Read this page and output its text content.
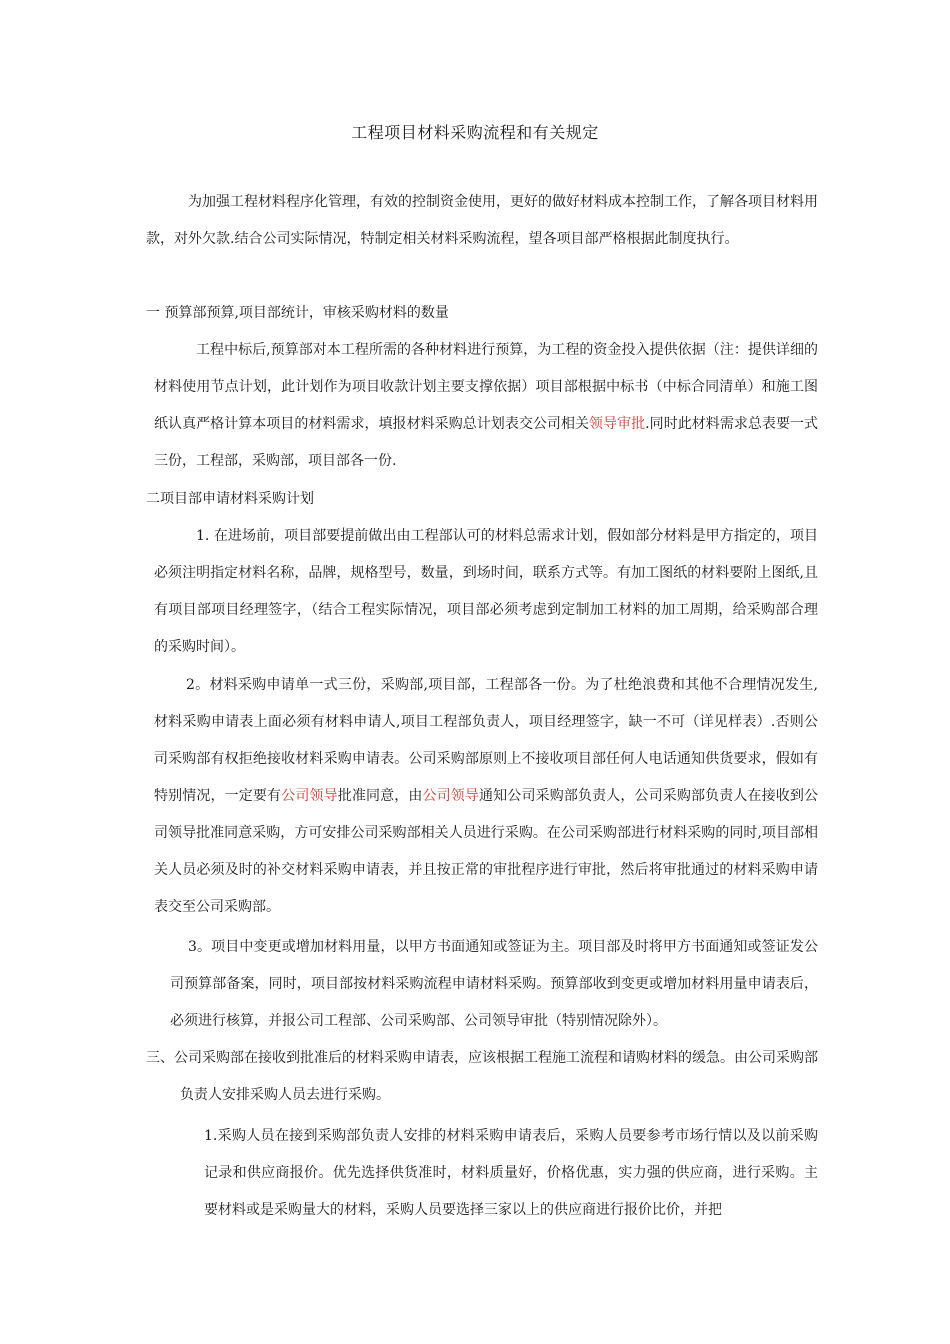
工程项目材料采购流程和有关规定

为加强工程材料程序化管理，有效的控制资金使用，更好的做好材料成本控制工作，了解各项目材料用款，对外欠款.结合公司实际情况，特制定相关材料采购流程，望各项目部严格根据此制度执行。

一 预算部预算,项目部统计，审核采购材料的数量

工程中标后,预算部对本工程所需的各种材料进行预算，为工程的资金投入提供依据（注：提供详细的材料使用节点计划，此计划作为项目收款计划主要支撑依据）项目部根据中标书（中标合同清单）和施工图纸认真严格计算本项目的材料需求，填报材料采购总计划表交公司相关领导审批.同时此材料需求总表要一式三份，工程部，采购部，项目部各一份.

二项目部申请材料采购计划

1. 在进场前，项目部要提前做出由工程部认可的材料总需求计划，假如部分材料是甲方指定的，项目必须注明指定材料名称，品牌，规格型号，数量，到场时间，联系方式等。有加工图纸的材料要附上图纸,且有项目部项目经理签字，（结合工程实际情况，项目部必须考虑到定制加工材料的加工周期，给采购部合理的采购时间）。

2。材料采购申请单一式三份，采购部,项目部，工程部各一份。为了杜绝浪费和其他不合理情况发生,材料采购申请表上面必须有材料申请人,项目工程部负责人，项目经理签字，缺一不可（详见样表）.否则公司采购部有权拒绝接收材料采购申请表。公司采购部原则上不接收项目部任何人电话通知供货要求，假如有特别情况，一定要有公司领导批准同意，由公司领导通知公司采购部负责人，公司采购部负责人在接收到公司领导批准同意采购，方可安排公司采购部相关人员进行采购。在公司采购部进行材料采购的同时,项目部相关人员必须及时的补交材料采购申请表，并且按正常的审批程序进行审批，然后将审批通过的材料采购申请表交至公司采购部。

3。项目中变更或增加材料用量，以甲方书面通知或签证为主。项目部及时将甲方书面通知或签证发公司预算部备案，同时，项目部按材料采购流程申请材料采购。预算部收到变更或增加材料用量申请表后，必须进行核算，并报公司工程部、公司采购部、公司领导审批（特别情况除外）。

三、公司采购部在接收到批准后的材料采购申请表，应该根据工程施工流程和请购材料的缓急。由公司采购部负责人安排采购人员去进行采购。

1.采购人员在接到采购部负责人安排的材料采购申请表后，采购人员要参考市场行情以及以前采购记录和供应商报价。优先选择供货准时，材料质量好，价格优惠，实力强的供应商，进行采购。主要材料或是采购量大的材料，采购人员要选择三家以上的供应商进行报价比价，并把
